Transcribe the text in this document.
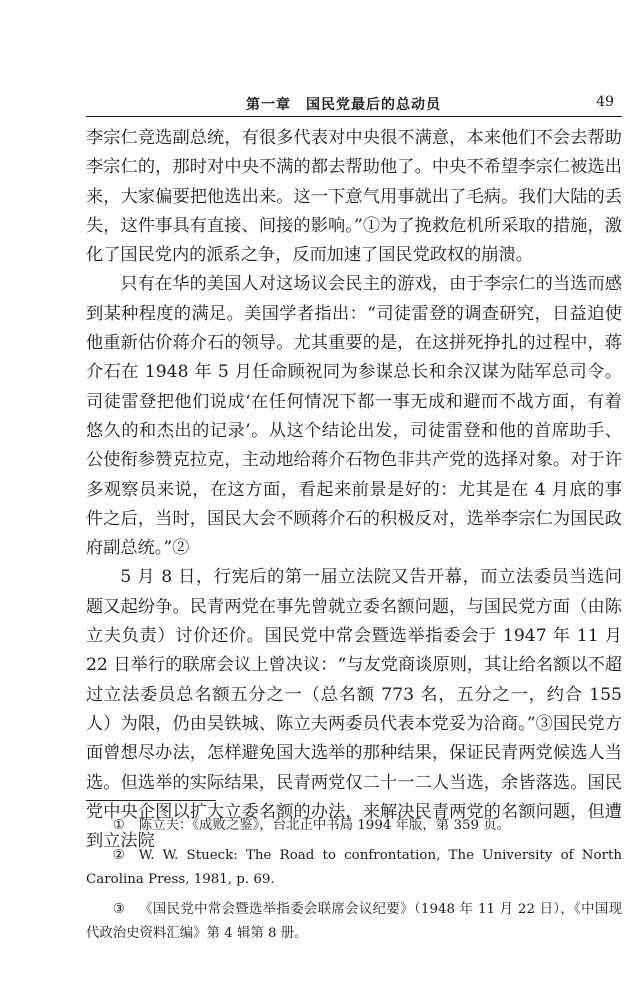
第一章　国民党最后的总动员	49

李宗仁竞选副总统，有很多代表对中央很不满意，本来他们不会去帮助李宗仁的，那时对中央不满的都去帮助他了。中央不希望李宗仁被选出来，大家偏要把他选出来。这一下意气用事就出了毛病。我们大陆的丢失，这件事具有直接、间接的影响。”①为了挽救危机所采取的措施，激化了国民党内的派系之争，反而加速了国民党政权的崩溃。

只有在华的美国人对这场议会民主的游戏，由于李宗仁的当选而感到某种程度的满足。美国学者指出：“司徒雷登的调查研究，日益迫使他重新估价蒋介石的领导。尤其重要的是，在这拼死挣扎的过程中，蒋介石在 1948 年 5 月任命顾祝同为参谋总长和余汉谋为陆军总司令。司徒雷登把他们说成‘在任何情况下都一事无成和避而不战方面，有着悠久的和杰出的记录’。从这个结论出发，司徒雷登和他的首席助手、公使衔参赞克拉克，主动地给蒋介石物色非共产党的选择对象。对于许多观察员来说，在这方面，看起来前景是好的：尤其是在 4 月底的事件之后，当时，国民大会不顾蒋介石的积极反对，选举李宗仁为国民政府副总统。”②

5 月 8 日，行宪后的第一届立法院又告开幕，而立法委员当选问题又起纷争。民青两党在事先曾就立委名额问题，与国民党方面（由陈立夫负责）讨价还价。国民党中常会暨选举指委会于 1947 年 11 月 22 日举行的联席会议上曾决议：“与友党商谈原则，其让给名额以不超过立法委员总名额五分之一（总名额 773 名，五分之一，约合 155 人）为限，仍由吴铁城、陈立夫两委员代表本党妥为洽商。”③国民党方面曾想尽办法，怎样避免国大选举的那种结果，保证民青两党候选人当选。但选举的实际结果，民青两党仅二十一二人当选，余皆落选。国民党中央企图以扩大立委名额的办法，来解决民青两党的名额问题，但遭到立法院

① 陈立夫：《成败之鉴》，台北正中书局 1994 年版，第 359 页。

② W. W. Stueck: The Road to confrontation, The University of North Carolina Press, 1981, p. 69.

③ 《国民党中常会暨选举指委会联席会议纪要》（1948 年 11 月 22 日），《中国现代政治史资料汇编》第 4 辑第 8 册。
